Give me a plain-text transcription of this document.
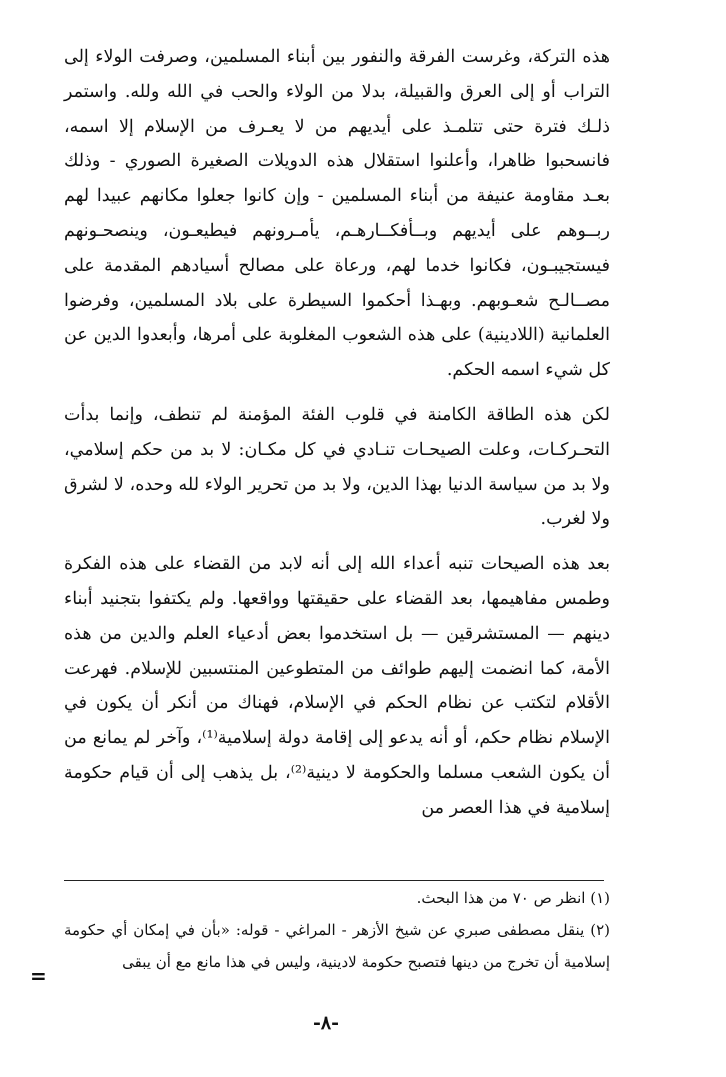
هذه التركة، وغرست الفرقة والنفور بين أبناء المسلمين، وصرفت الولاء إلى التراب أو إلى العرق والقبيلة، بدلا من الولاء والحب في الله ولله. واستمر ذلـك فترة حتى تتلمـذ على أيديهم من لا يعـرف من الإسلام إلا اسمه، فانسحبوا ظاهرا، وأعلنوا استقلال هذه الدويلات الصغيرة الصوري - وذلك بعـد مقاومة عنيفة من أبناء المسلمين - وإن كانوا جعلوا مكانهم عبيدا لهم ربــوهم على أيديهم وبــأفكــارهـم، يأمـرونهم فيطيعـون، وينصحـونهم فيستجيبـون، فكانوا خدما لهم، ورعاة على مصالح أسيادهم المقدمة على مصــالـح شعـوبهم. وبهـذا أحكموا السيطرة على بلاد المسلمين، وفرضوا العلمانية (اللادينية) على هذه الشعوب المغلوبة على أمرها، وأبعدوا الدين عن كل شيء اسمه الحكم.

لكن هذه الطاقة الكامنة في قلوب الفئة المؤمنة لم تنطف، وإنما بدأت التحـركـات، وعلت الصيحـات تنـادي في كل مكـان: لا بد من حكم إسلامي، ولا بد من سياسة الدنيا بهذا الدين، ولا بد من تحرير الولاء لله وحده، لا لشرق ولا لغرب.

بعد هذه الصيحات تنبه أعداء الله إلى أنه لابد من القضاء على هذه الفكرة وطمس مفاهيمها، بعد القضاء على حقيقتها وواقعها. ولم يكتفوا بتجنيد أبناء دينهم — المستشرقين — بل استخدموا بعض أدعياء العلم والدين من هذه الأمة، كما انضمت إليهم طوائف من المتطوعين المنتسبين للإسلام. فهرعت الأقلام لتكتب عن نظام الحكم في الإسلام، فهناك من أنكر أن يكون في الإسلام نظام حكم، أو أنه يدعو إلى إقامة دولة إسلامية⁽¹⁾، وآخر لم يمانع من أن يكون الشعب مسلما والحكومة لا دينية⁽²⁾، بل يذهب إلى أن قيام حكومة إسلامية في هذا العصر من

(١) انظر ص ٧٠ من هذا البحث.

(٢) ينقل مصطفى صبري عن شيخ الأزهر - المراغي - قوله: «بأن في إمكان أي حكومة إسلامية أن تخرج من دينها فتصبح حكومة لادينية، وليس في هذا مانع مع أن يبقى

=
-٨-
